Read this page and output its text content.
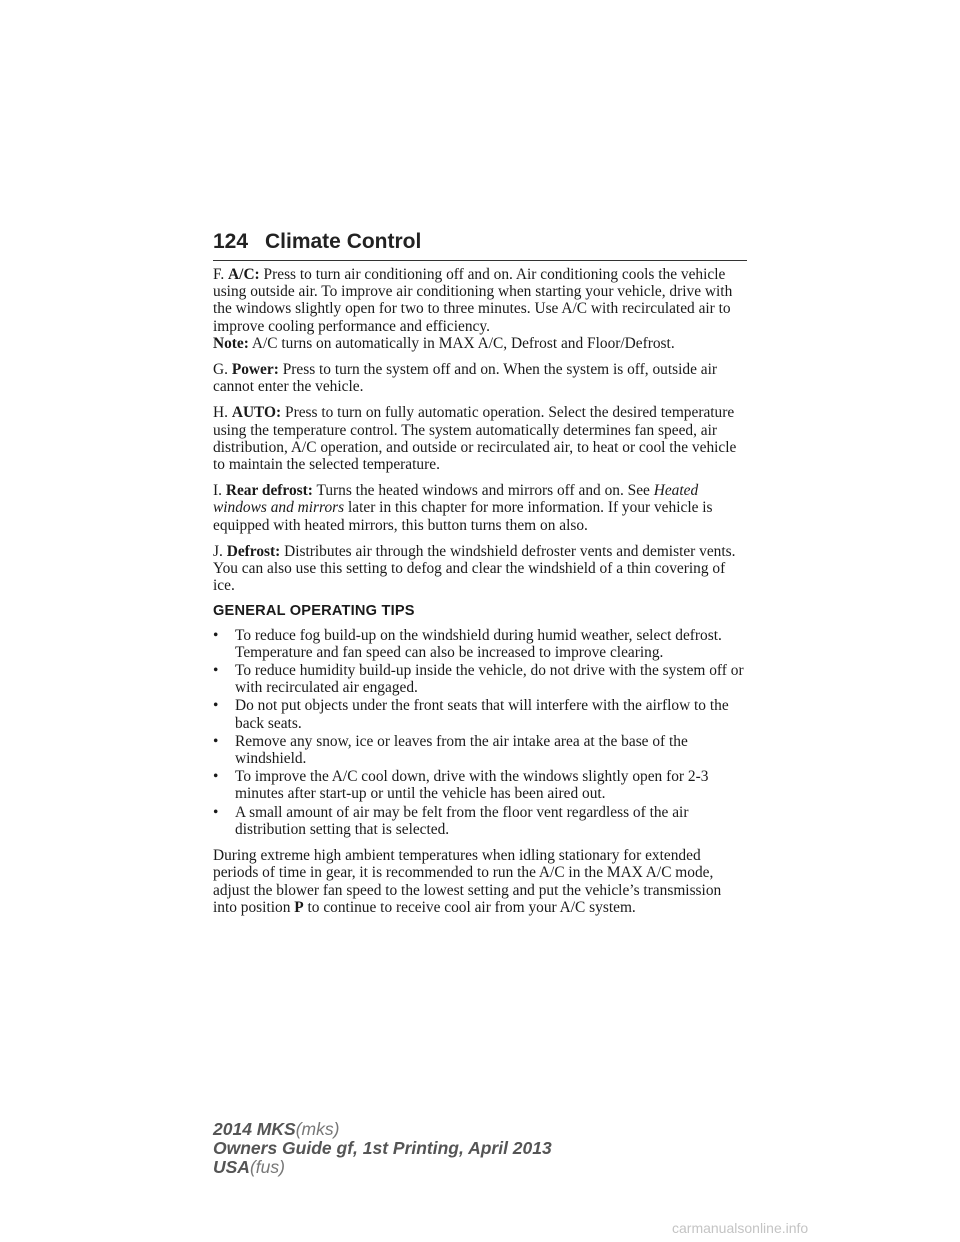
124 Climate Control

F. A/C: Press to turn air conditioning off and on. Air conditioning cools the vehicle using outside air. To improve air conditioning when starting your vehicle, drive with the windows slightly open for two to three minutes. Use A/C with recirculated air to improve cooling performance and efficiency.

Note: A/C turns on automatically in MAX A/C, Defrost and Floor/Defrost.

G. Power: Press to turn the system off and on. When the system is off, outside air cannot enter the vehicle.

H. AUTO: Press to turn on fully automatic operation. Select the desired temperature using the temperature control. The system automatically determines fan speed, air distribution, A/C operation, and outside or recirculated air, to heat or cool the vehicle to maintain the selected temperature.

I. Rear defrost: Turns the heated windows and mirrors off and on. See Heated windows and mirrors later in this chapter for more information. If your vehicle is equipped with heated mirrors, this button turns them on also.

J. Defrost: Distributes air through the windshield defroster vents and demister vents. You can also use this setting to defog and clear the windshield of a thin covering of ice.

GENERAL OPERATING TIPS
• To reduce fog build-up on the windshield during humid weather, select defrost. Temperature and fan speed can also be increased to improve clearing.
• To reduce humidity build-up inside the vehicle, do not drive with the system off or with recirculated air engaged.
• Do not put objects under the front seats that will interfere with the airflow to the back seats.
• Remove any snow, ice or leaves from the air intake area at the base of the windshield.
• To improve the A/C cool down, drive with the windows slightly open for 2-3 minutes after start-up or until the vehicle has been aired out.
• A small amount of air may be felt from the floor vent regardless of the air distribution setting that is selected.

During extreme high ambient temperatures when idling stationary for extended periods of time in gear, it is recommended to run the A/C in the MAX A/C mode, adjust the blower fan speed to the lowest setting and put the vehicle’s transmission into position P to continue to receive cool air from your A/C system.

2014 MKS(mks)
Owners Guide gf, 1st Printing, April 2013
USA(fus)
carmanualsonline.info
